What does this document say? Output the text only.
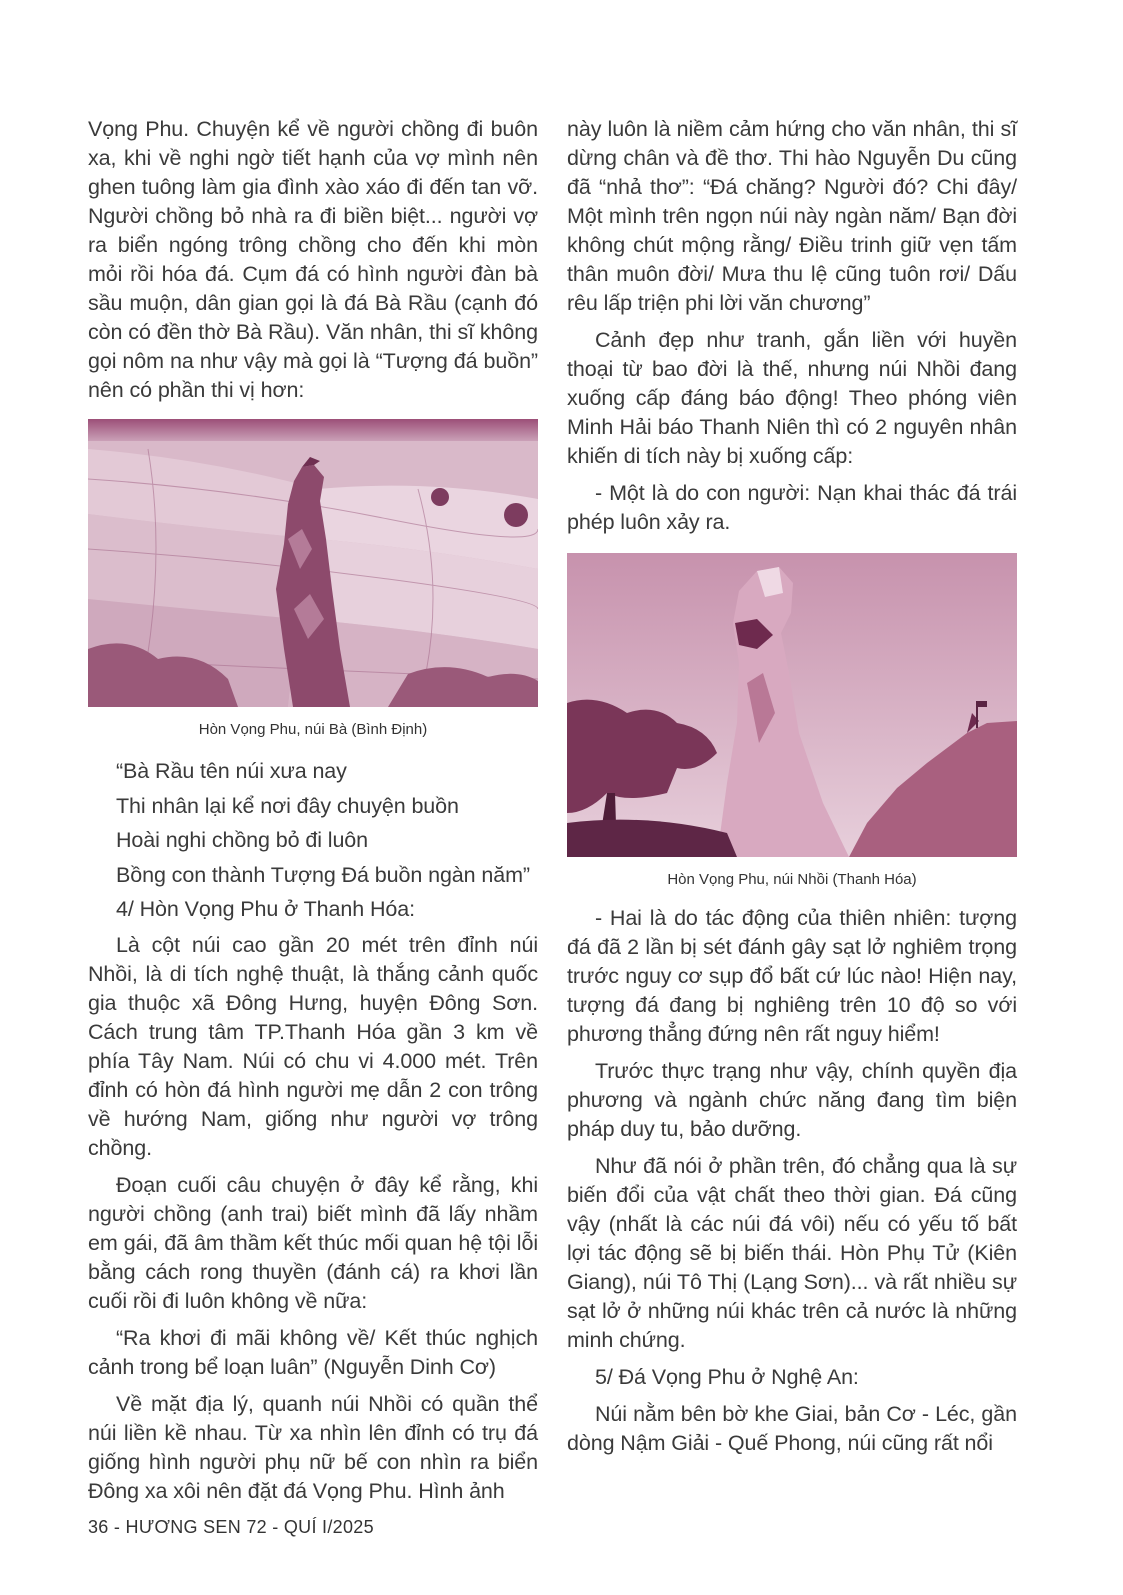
Vọng Phu. Chuyện kể về người chồng đi buôn xa, khi về nghi ngờ tiết hạnh của vợ mình nên ghen tuông làm gia đình xào xáo đi đến tan vỡ. Người chồng bỏ nhà ra đi biền biệt... người vợ ra biển ngóng trông chồng cho đến khi mòn mỏi rồi hóa đá. Cụm đá có hình người đàn bà sầu muộn, dân gian gọi là đá Bà Rầu (cạnh đó còn có đền thờ Bà Rầu). Văn nhân, thi sĩ không gọi nôm na như vậy mà gọi là “Tượng đá buồn” nên có phần thi vị hơn:

Hòn Vọng Phu, núi Bà (Bình Định)

“Bà Rầu tên núi xưa nay

Thi nhân lại kể nơi đây chuyện buồn

Hoài nghi chồng bỏ đi luôn

Bồng con thành Tượng Đá buồn ngàn năm”

4/ Hòn Vọng Phu ở Thanh Hóa:

Là cột núi cao gần 20 mét trên đỉnh núi Nhồi, là di tích nghệ thuật, là thắng cảnh quốc gia thuộc xã Đông Hưng, huyện Đông Sơn. Cách trung tâm TP.Thanh Hóa gần 3 km về phía Tây Nam. Núi có chu vi 4.000 mét. Trên đỉnh có hòn đá hình người mẹ dẫn 2 con trông về hướng Nam, giống như người vợ trông chồng.

Đoạn cuối câu chuyện ở đây kể rằng, khi người chồng (anh trai) biết mình đã lấy nhầm em gái, đã âm thầm kết thúc mối quan hệ tội lỗi bằng cách rong thuyền (đánh cá) ra khơi lần cuối rồi đi luôn không về nữa:

“Ra khơi đi mãi không về/ Kết thúc nghịch cảnh trong bể loạn luân” (Nguyễn Dinh Cơ)

Về mặt địa lý, quanh núi Nhồi có quần thể núi liền kề nhau. Từ xa nhìn lên đỉnh có trụ đá giống hình người phụ nữ bế con nhìn ra biển Đông xa xôi nên đặt đá Vọng Phu. Hình ảnh

này luôn là niềm cảm hứng cho văn nhân, thi sĩ dừng chân và đề thơ. Thi hào Nguyễn Du cũng đã “nhả thơ”: “Đá chăng? Người đó? Chi đây/ Một mình trên ngọn núi này ngàn năm/ Bạn đời không chút mộng rằng/ Điều trinh giữ vẹn tấm thân muôn đời/ Mưa thu lệ cũng tuôn rơi/ Dấu rêu lấp triện phi lời văn chương”

Cảnh đẹp như tranh, gắn liền với huyền thoại từ bao đời là thế, nhưng núi Nhồi đang xuống cấp đáng báo động! Theo phóng viên Minh Hải báo Thanh Niên thì có 2 nguyên nhân khiến di tích này bị xuống cấp:

- Một là do con người: Nạn khai thác đá trái phép luôn xảy ra.

Hòn Vọng Phu, núi Nhồi (Thanh Hóa)

- Hai là do tác động của thiên nhiên: tượng đá đã 2 lần bị sét đánh gây sạt lở nghiêm trọng trước nguy cơ sụp đổ bất cứ lúc nào! Hiện nay, tượng đá đang bị nghiêng trên 10 độ so với phương thẳng đứng nên rất nguy hiểm!

Trước thực trạng như vậy, chính quyền địa phương và ngành chức năng đang tìm biện pháp duy tu, bảo dưỡng.

Như đã nói ở phần trên, đó chẳng qua là sự biến đổi của vật chất theo thời gian. Đá cũng vậy (nhất là các núi đá vôi) nếu có yếu tố bất lợi tác động sẽ bị biến thái. Hòn Phụ Tử (Kiên Giang), núi Tô Thị (Lạng Sơn)... và rất nhiều sự sạt lở ở những núi khác trên cả nước là những minh chứng.

5/ Đá Vọng Phu ở Nghệ An:

Núi nằm bên bờ khe Giai, bản Cơ - Léc, gần dòng Nậm Giải - Quế Phong, núi cũng rất nổi

36 - HƯƠNG SEN 72 - QUÍ I/2025
